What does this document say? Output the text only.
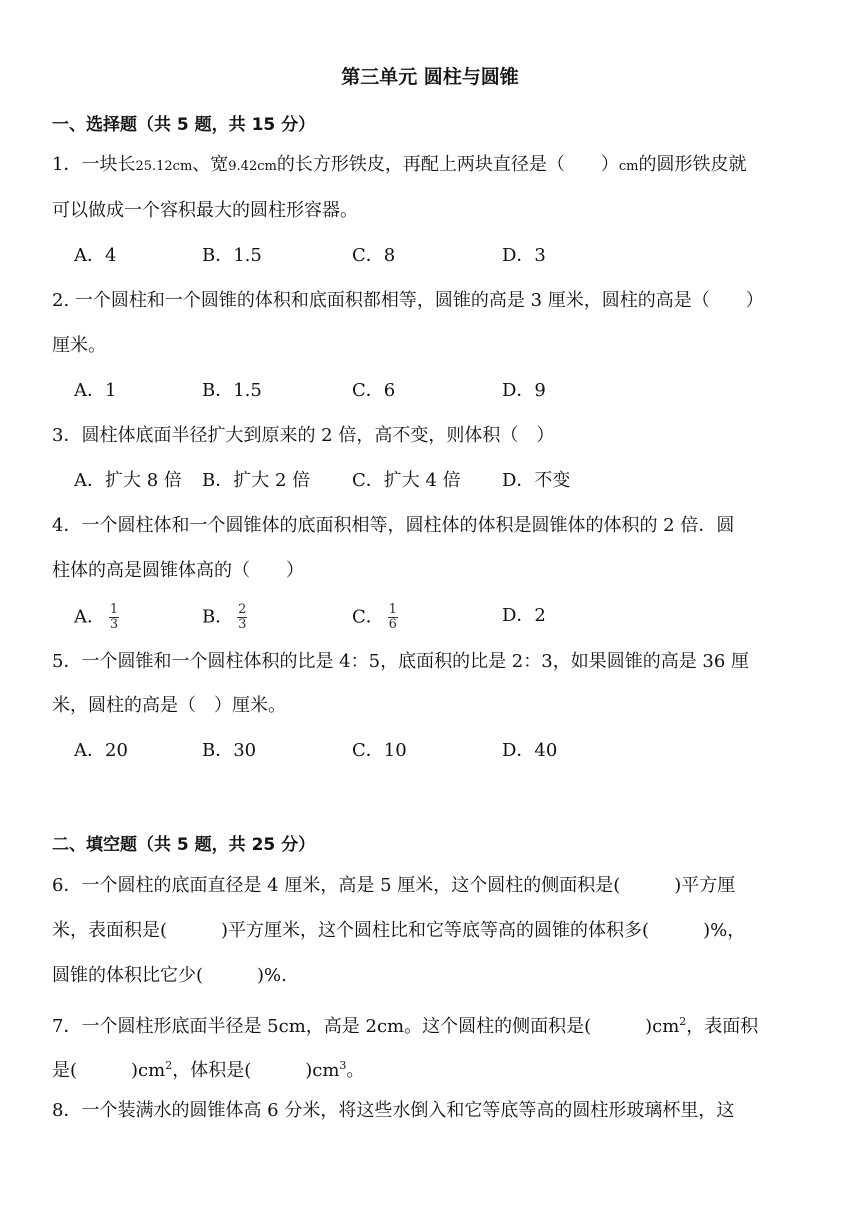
第三单元 圆柱与圆锥
一、选择题（共 5 题，共 15 分）
1．一块长25.12cm、宽9.42cm的长方形铁皮，再配上两块直径是（　　）cm的圆形铁皮就
可以做成一个容积最大的圆柱形容器。
A．4	B．1.5	C．8	D．3
2. 一个圆柱和一个圆锥的体积和底面积都相等，圆锥的高是 3 厘米，圆柱的高是（　　）
厘米。
A．1	B．1.5	C．6	D．9
3．圆柱体底面半径扩大到原来的 2 倍，高不变，则体积（　）
A．扩大 8 倍 B．扩大 2 倍 C．扩大 4 倍 D．不变
4．一个圆柱体和一个圆锥体的底面积相等，圆柱体的体积是圆锥体的体积的 2 倍．圆
柱体的高是圆锥体高的（　　）
A． $\frac{1}{3}$	B． $\frac{2}{3}$	C． $\frac{1}{6}$	D．2
5．一个圆锥和一个圆柱体积的比是 4：5，底面积的比是 2：3，如果圆锥的高是 36 厘
米，圆柱的高是（　）厘米。
A．20	B．30	C．10	D．40
二、填空题（共 5 题，共 25 分）
6．一个圆柱的底面直径是 4 厘米，高是 5 厘米，这个圆柱的侧面积是(　　　)平方厘
米，表面积是(　　　)平方厘米，这个圆柱比和它等底等高的圆锥的体积多(　　　)%，
圆锥的体积比它少(　　　)%.
7．一个圆柱形底面半径是 5cm，高是 2cm。这个圆柱的侧面积是(　　　)$cm^2$，表面积
是(　　　)$cm^2$，体积是(　　　)$cm^3$。
8．一个装满水的圆锥体高 6 分米，将这些水倒入和它等底等高的圆柱形玻璃杯里，这
